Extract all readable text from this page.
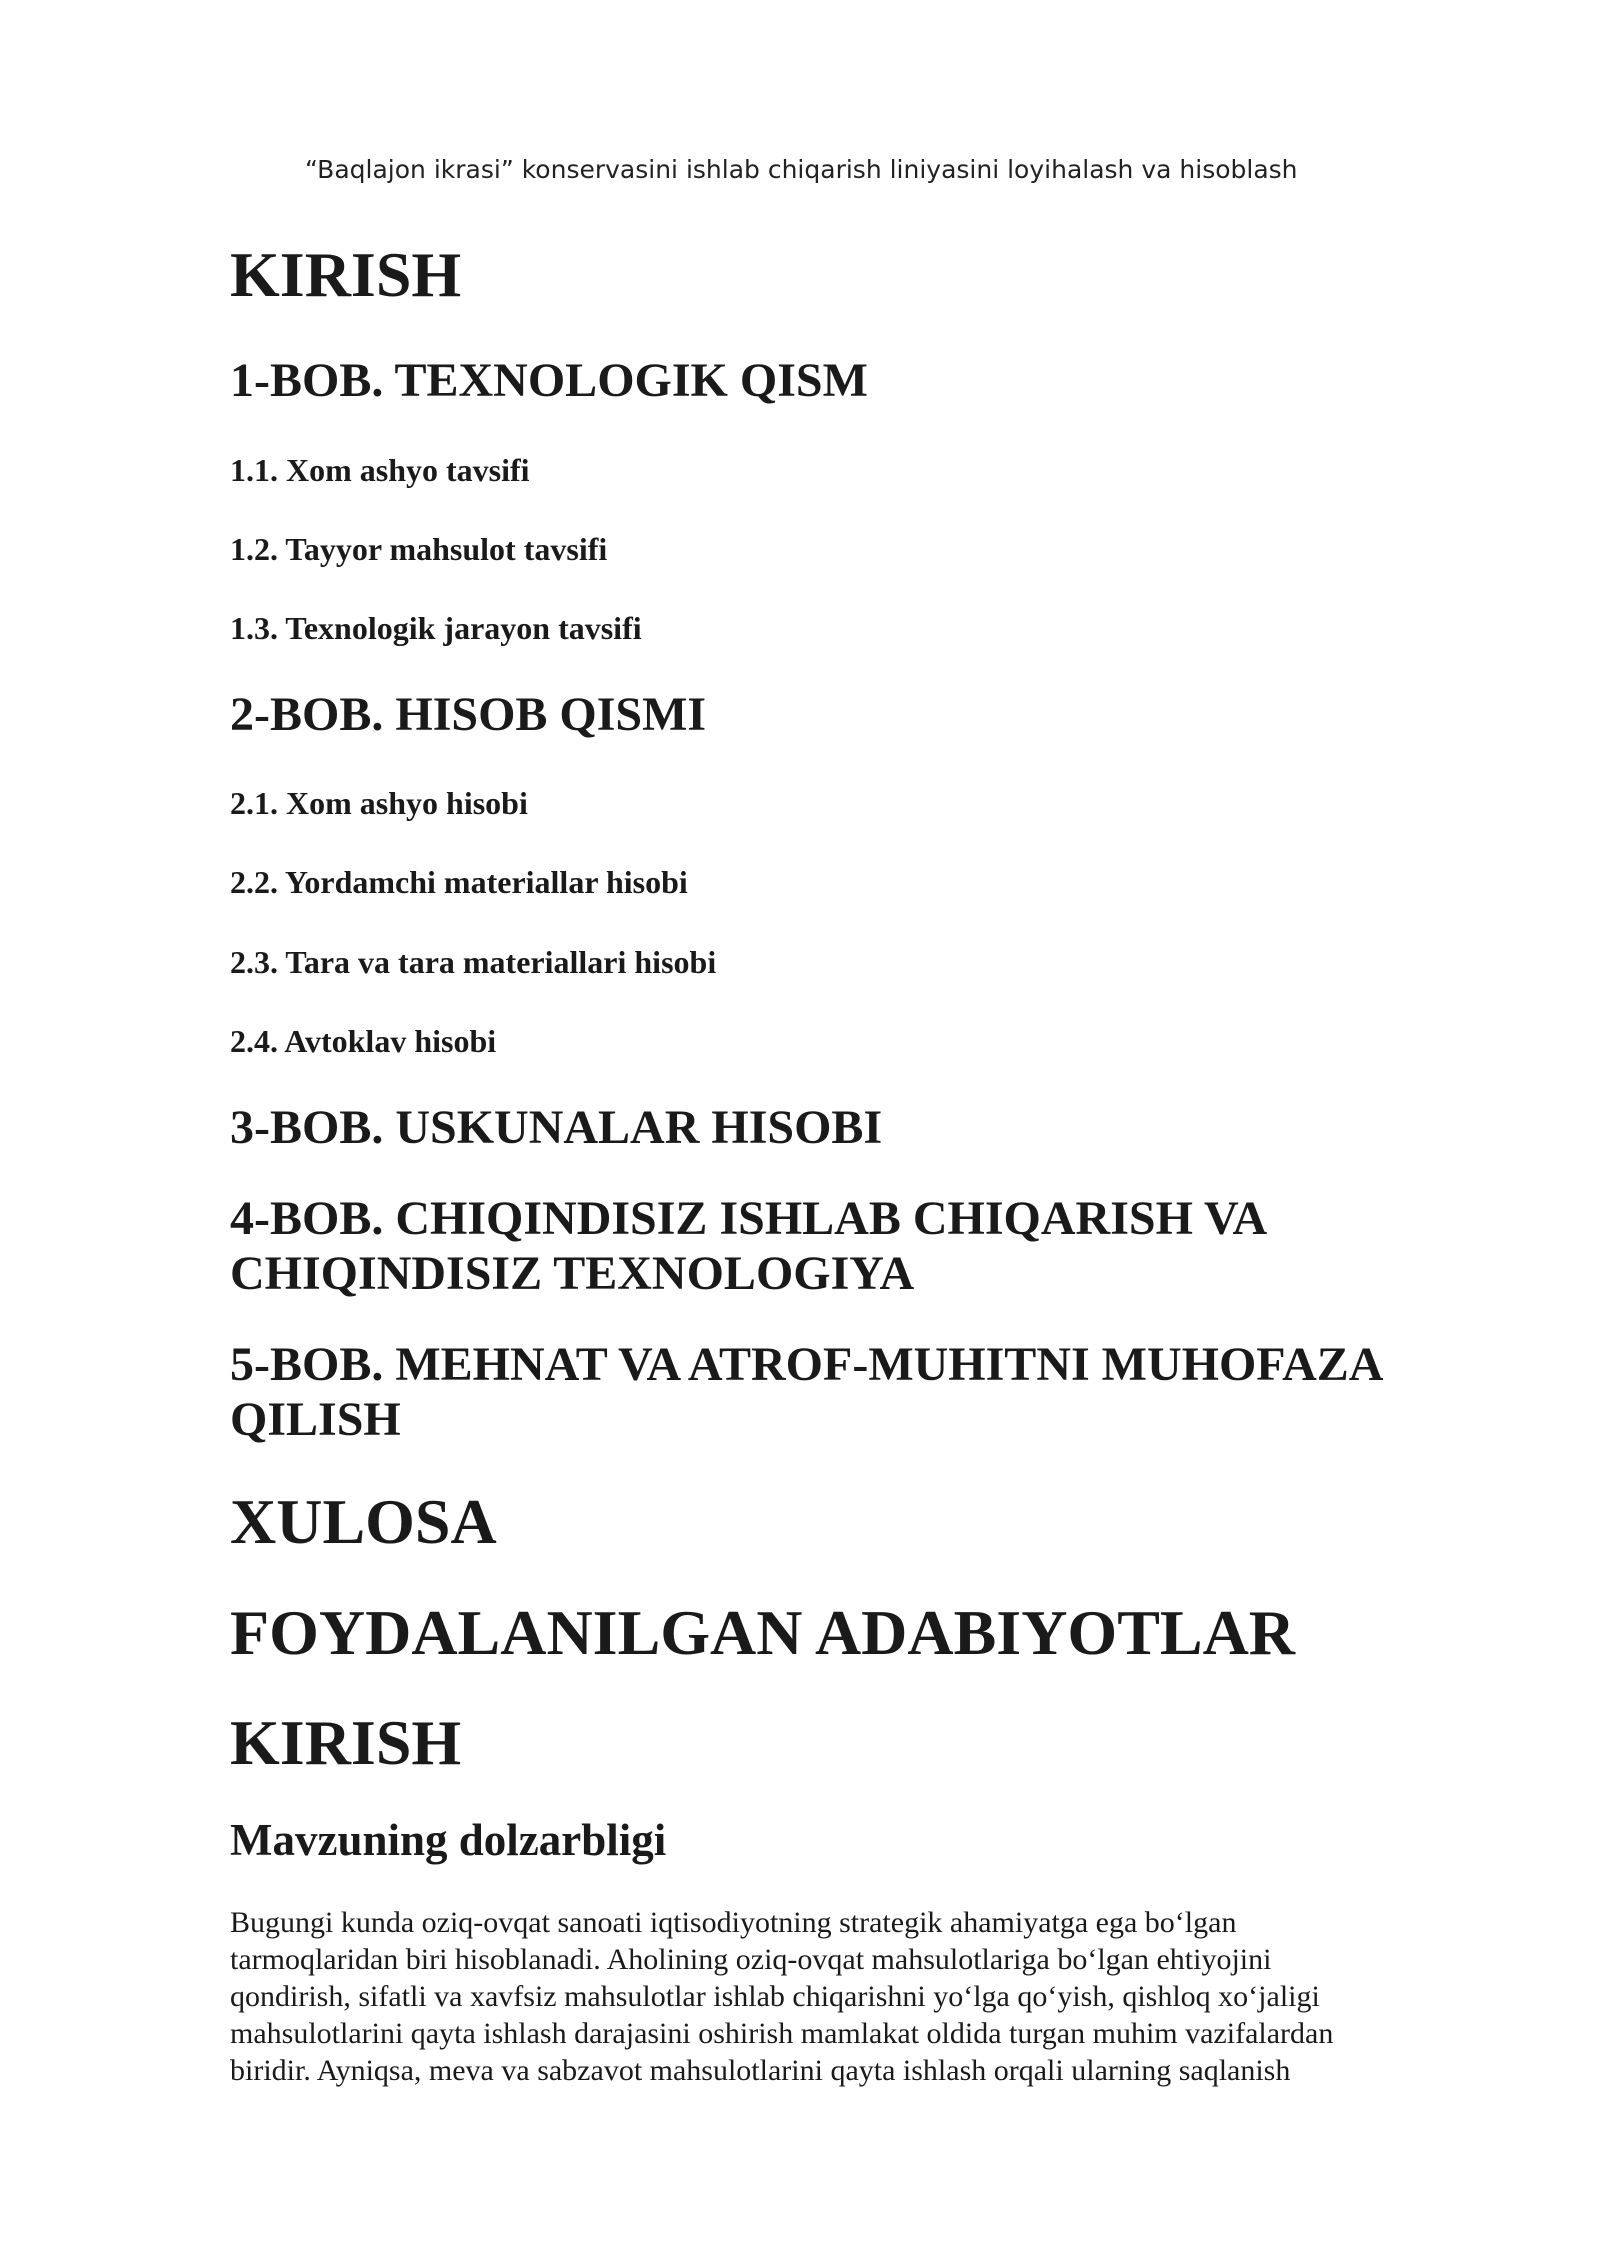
“Baqlajon ikrasi” konservasini ishlab chiqarish liniyasini loyihalash va hisoblash
KIRISH
1-BOB. TEXNOLOGIK QISM
1.1. Xom ashyo tavsifi
1.2. Tayyor mahsulot tavsifi
1.3. Texnologik jarayon tavsifi
2-BOB. HISOB QISMI
2.1. Xom ashyo hisobi
2.2. Yordamchi materiallar hisobi
2.3. Tara va tara materiallari hisobi
2.4. Avtoklav hisobi
3-BOB. USKUNALAR HISOBI
4-BOB. CHIQINDISIZ ISHLAB CHIQARISH VA
CHIQINDISIZ TEXNOLOGIYA
5-BOB. MEHNAT VA ATROF-MUHITNI MUHOFAZA
QILISH
XULOSA
FOYDALANILGAN ADABIYOTLAR
KIRISH
Mavzuning dolzarbligi
Bugungi kunda oziq-ovqat sanoati iqtisodiyotning strategik ahamiyatga ega bo‘lgan
tarmoqlaridan biri hisoblanadi. Aholining oziq-ovqat mahsulotlariga bo‘lgan ehtiyojini
qondirish, sifatli va xavfsiz mahsulotlar ishlab chiqarishni yo‘lga qo‘yish, qishloq xo‘jaligi
mahsulotlarini qayta ishlash darajasini oshirish mamlakat oldida turgan muhim vazifalardan
biridir. Ayniqsa, meva va sabzavot mahsulotlarini qayta ishlash orqali ularning saqlanish
